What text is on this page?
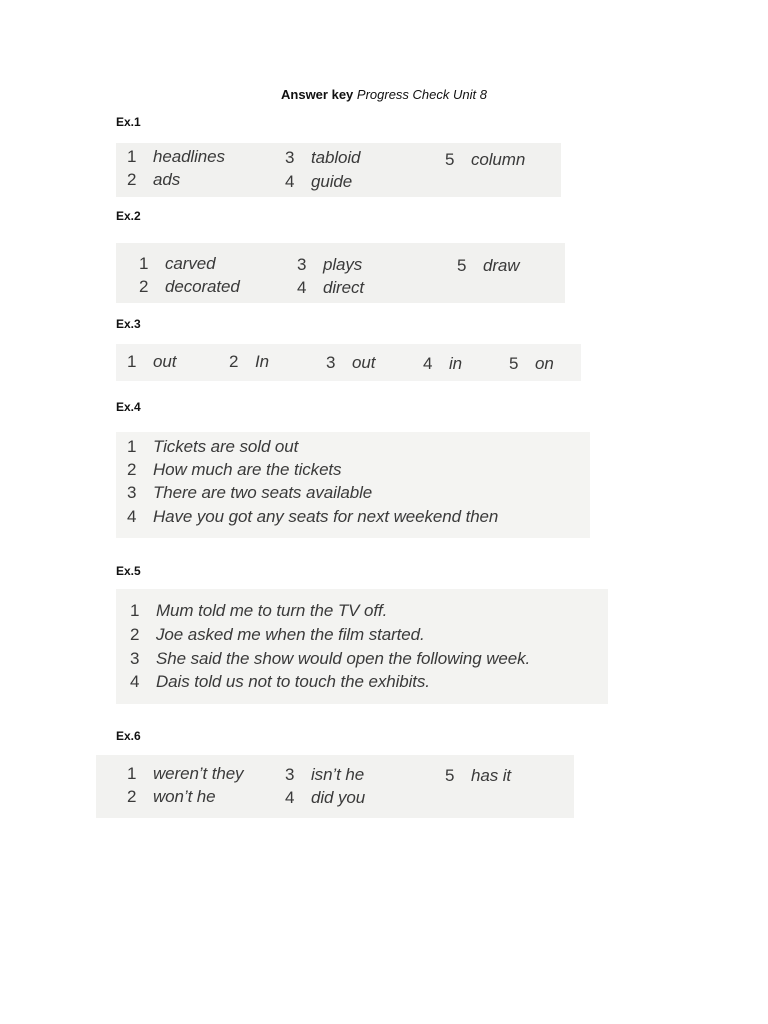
Answer key Progress Check Unit 8
Ex.1
1 headlines
2 ads
3 tabloid
4 guide
5 column
Ex.2
1 carved
2 decorated
3 plays
4 direct
5 draw
Ex.3
1 out	2 In	3 out	4 in	5 on
Ex.4
1 Tickets are sold out
2 How much are the tickets
3 There are two seats available
4 Have you got any seats for next weekend then
Ex.5
1 Mum told me to turn the TV off.
2 Joe asked me when the film started.
3 She said the show would open the following week.
4 Dais told us not to touch the exhibits.
Ex.6
1 weren’t they
2 won’t he
3 isn’t he
4 did you
5 has it
